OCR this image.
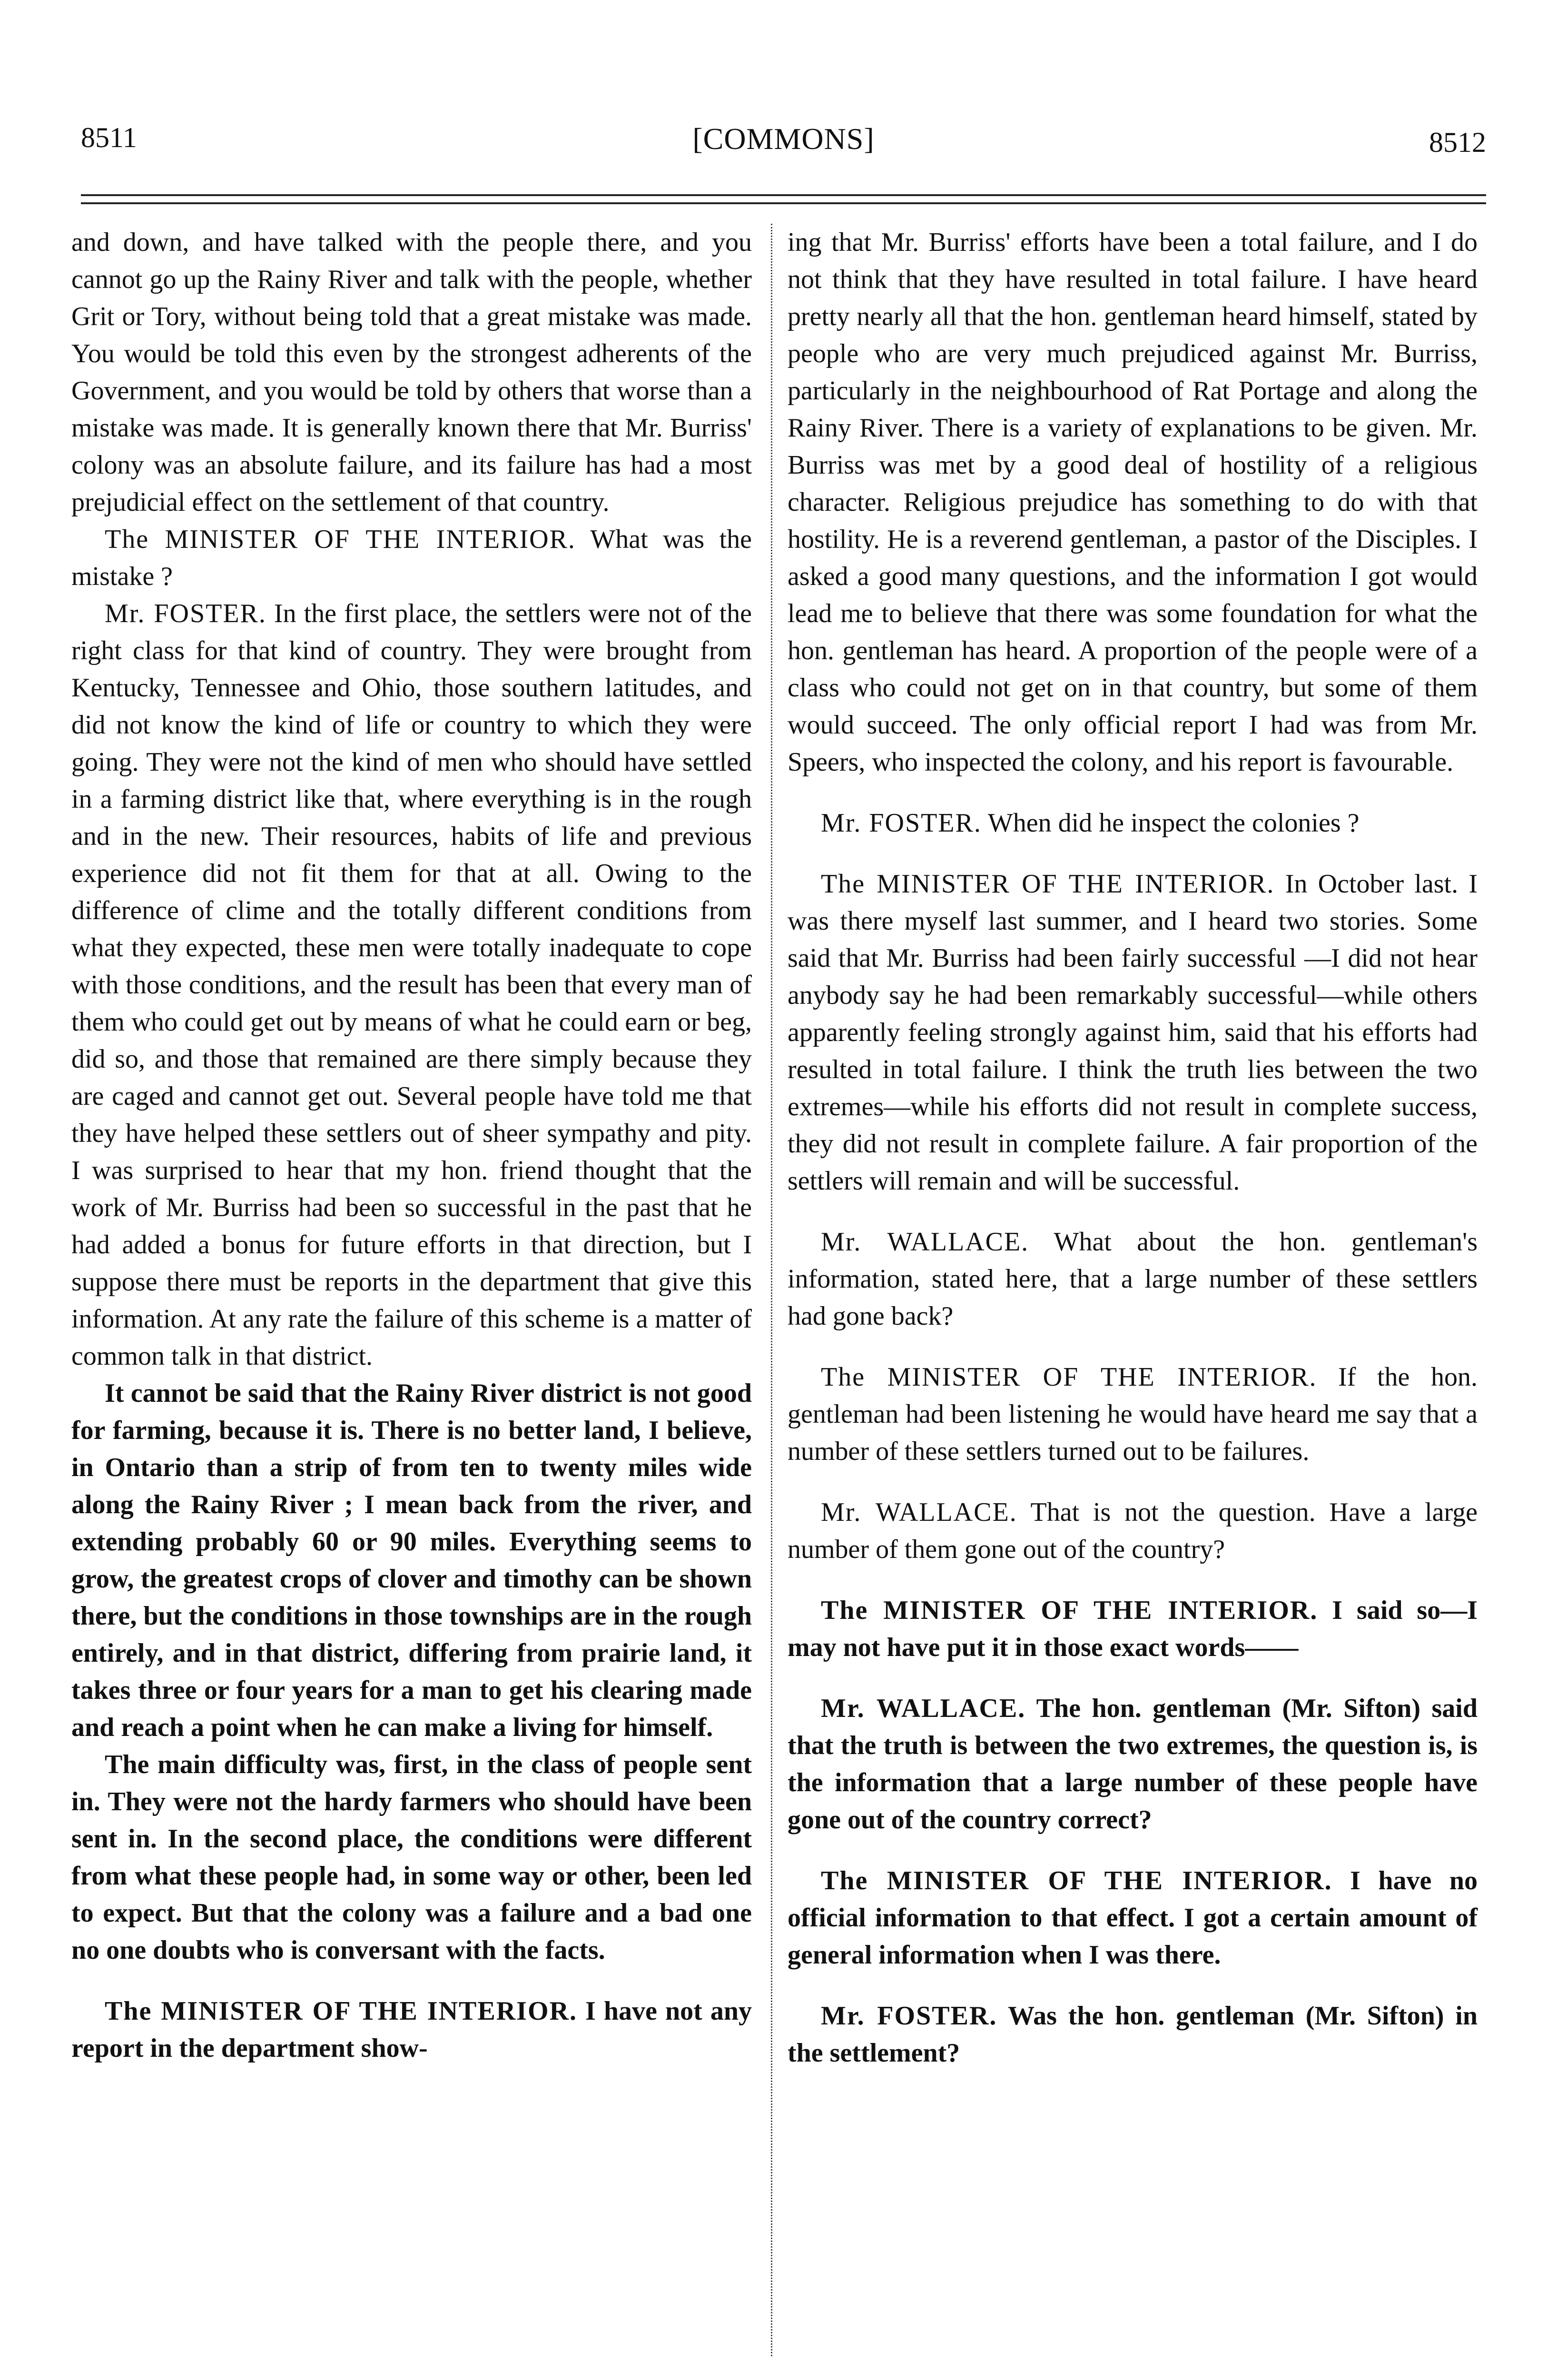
8511	[COMMONS]	8512

and down, and have talked with the people there, and you cannot go up the Rainy River and talk with the people, whether Grit or Tory, without being told that a great mistake was made. You would be told this even by the strongest adherents of the Government, and you would be told by others that worse than a mistake was made. It is generally known there that Mr. Burriss' colony was an absolute failure, and its failure has had a most prejudicial effect on the settlement of that country.

The MINISTER OF THE INTERIOR. What was the mistake ?

Mr. FOSTER. In the first place, the settlers were not of the right class for that kind of country. They were brought from Kentucky, Tennessee and Ohio, those southern latitudes, and did not know the kind of life or country to which they were going. They were not the kind of men who should have settled in a farming district like that, where everything is in the rough and in the new. Their resources, habits of life and previous experience did not fit them for that at all. Owing to the difference of clime and the totally different conditions from what they expected, these men were totally inadequate to cope with those conditions, and the result has been that every man of them who could get out by means of what he could earn or beg, did so, and those that remained are there simply because they are caged and cannot get out. Several people have told me that they have helped these settlers out of sheer sympathy and pity. I was surprised to hear that my hon. friend thought that the work of Mr. Burriss had been so successful in the past that he had added a bonus for future efforts in that direction, but I suppose there must be reports in the department that give this information. At any rate the failure of this scheme is a matter of common talk in that district.

It cannot be said that the Rainy River district is not good for farming, because it is. There is no better land, I believe, in Ontario than a strip of from ten to twenty miles wide along the Rainy River ; I mean back from the river, and extending probably 60 or 90 miles. Everything seems to grow, the greatest crops of clover and timothy can be shown there, but the conditions in those townships are in the rough entirely, and in that district, differing from prairie land, it takes three or four years for a man to get his clearing made and reach a point when he can make a living for himself.

The main difficulty was, first, in the class of people sent in. They were not the hardy farmers who should have been sent in. In the second place, the conditions were different from what these people had, in some way or other, been led to expect. But that the colony was a failure and a bad one no one doubts who is conversant with the facts.

The MINISTER OF THE INTERIOR. I have not any report in the department show-

ing that Mr. Burriss' efforts have been a total failure, and I do not think that they have resulted in total failure. I have heard pretty nearly all that the hon. gentleman heard himself, stated by people who are very much prejudiced against Mr. Burriss, particularly in the neighbourhood of Rat Portage and along the Rainy River. There is a variety of explanations to be given. Mr. Burriss was met by a good deal of hostility of a religious character. Religious prejudice has something to do with that hostility. He is a reverend gentleman, a pastor of the Disciples. I asked a good many questions, and the information I got would lead me to believe that there was some foundation for what the hon. gentleman has heard. A proportion of the people were of a class who could not get on in that country, but some of them would succeed. The only official report I had was from Mr. Speers, who inspected the colony, and his report is favourable.

Mr. FOSTER. When did he inspect the colonies ?

The MINISTER OF THE INTERIOR. In October last. I was there myself last summer, and I heard two stories. Some said that Mr. Burriss had been fairly successful —I did not hear anybody say he had been remarkably successful—while others apparently feeling strongly against him, said that his efforts had resulted in total failure. I think the truth lies between the two extremes—while his efforts did not result in complete success, they did not result in complete failure. A fair proportion of the settlers will remain and will be successful.

Mr. WALLACE. What about the hon. gentleman's information, stated here, that a large number of these settlers had gone back?

The MINISTER OF THE INTERIOR. If the hon. gentleman had been listening he would have heard me say that a number of these settlers turned out to be failures.

Mr. WALLACE. That is not the question. Have a large number of them gone out of the country?

The MINISTER OF THE INTERIOR. I said so—I may not have put it in those exact words——

Mr. WALLACE. The hon. gentleman (Mr. Sifton) said that the truth is between the two extremes, the question is, is the information that a large number of these people have gone out of the country correct?

The MINISTER OF THE INTERIOR. I have no official information to that effect. I got a certain amount of general information when I was there.

Mr. FOSTER. Was the hon. gentleman (Mr. Sifton) in the settlement?
